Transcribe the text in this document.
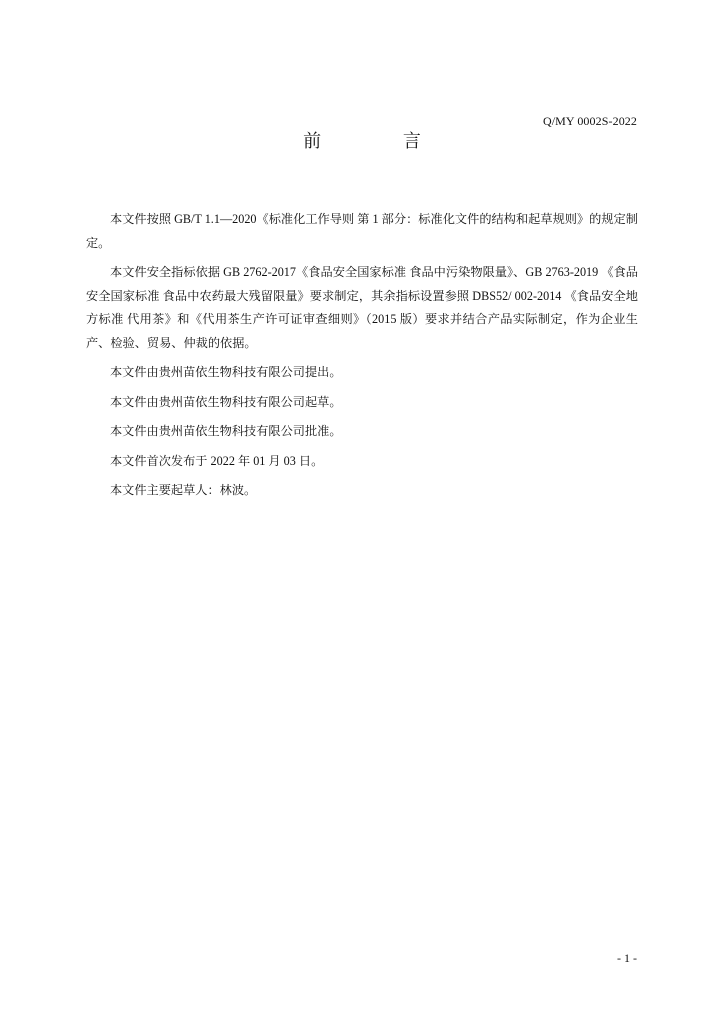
Q/MY 0002S-2022
前 言

本文件按照 GB/T 1.1—2020《标准化工作导则 第 1 部分：标准化文件的结构和起草规则》的规定制定。

本文件安全指标依据 GB 2762-2017《食品安全国家标准 食品中污染物限量》、GB 2763-2019 《食品安全国家标准 食品中农药最大残留限量》要求制定，其余指标设置参照 DBS52/ 002-2014 《食品安全地方标准 代用茶》和《代用茶生产许可证审查细则》（2015 版）要求并结合产品实际制定，作为企业生产、检验、贸易、仲裁的依据。

本文件由贵州苗依生物科技有限公司提出。

本文件由贵州苗依生物科技有限公司起草。

本文件由贵州苗依生物科技有限公司批准。

本文件首次发布于 2022 年 01 月 03 日。

本文件主要起草人：林波。

- 1 -
